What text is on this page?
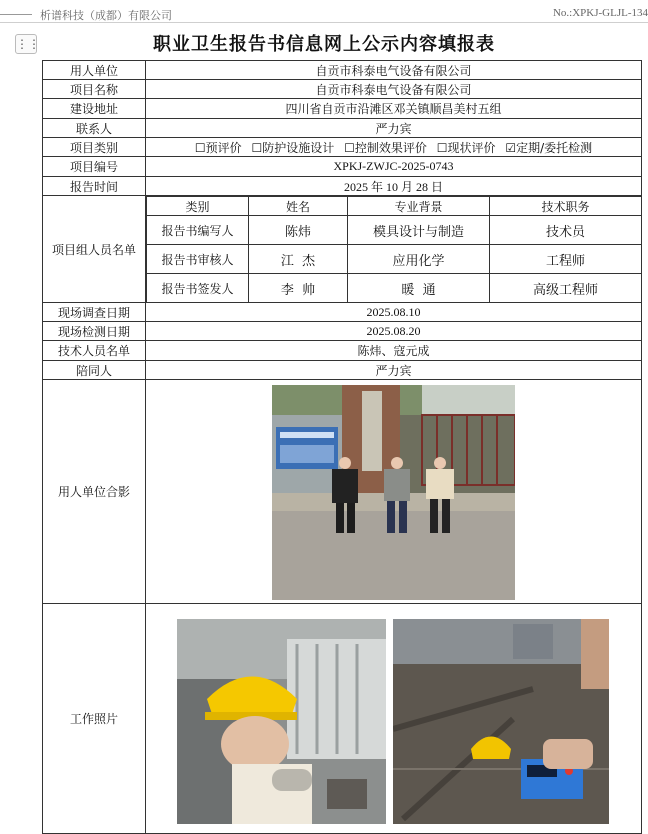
析谱科技（成都）有限公司	No.:XPKJ-GLJL-134
⋮⋮	职业卫生报告书信息网上公示内容填报表
用人单位	自贡市科泰电气设备有限公司
项目名称	自贡市科泰电气设备有限公司
建设地址	四川省自贡市沿滩区邓关镇顺昌美村五组
联系人	严力宾
项目类别	☐预评价 ☐防护设施设计 ☐控制效果评价 ☐现状评价 ☑定期/委托检测
项目编号	XPKJ-ZWJC-2025-0743
报告时间	2025 年 10 月 28 日
项目组人员名单	
类别	姓名	专业背景	技术职务
报告书编写人	陈炜	模具设计与制造	技术员
报告书审核人	江  杰	应用化学	工程师
报告书签发人	李  帅	暖  通	高级工程师

现场调查日期	2025.08.10
现场检测日期	2025.08.20
技术人员名单	陈炜、寇元成
陪同人	严力宾
用人单位合影	
工作照片	
